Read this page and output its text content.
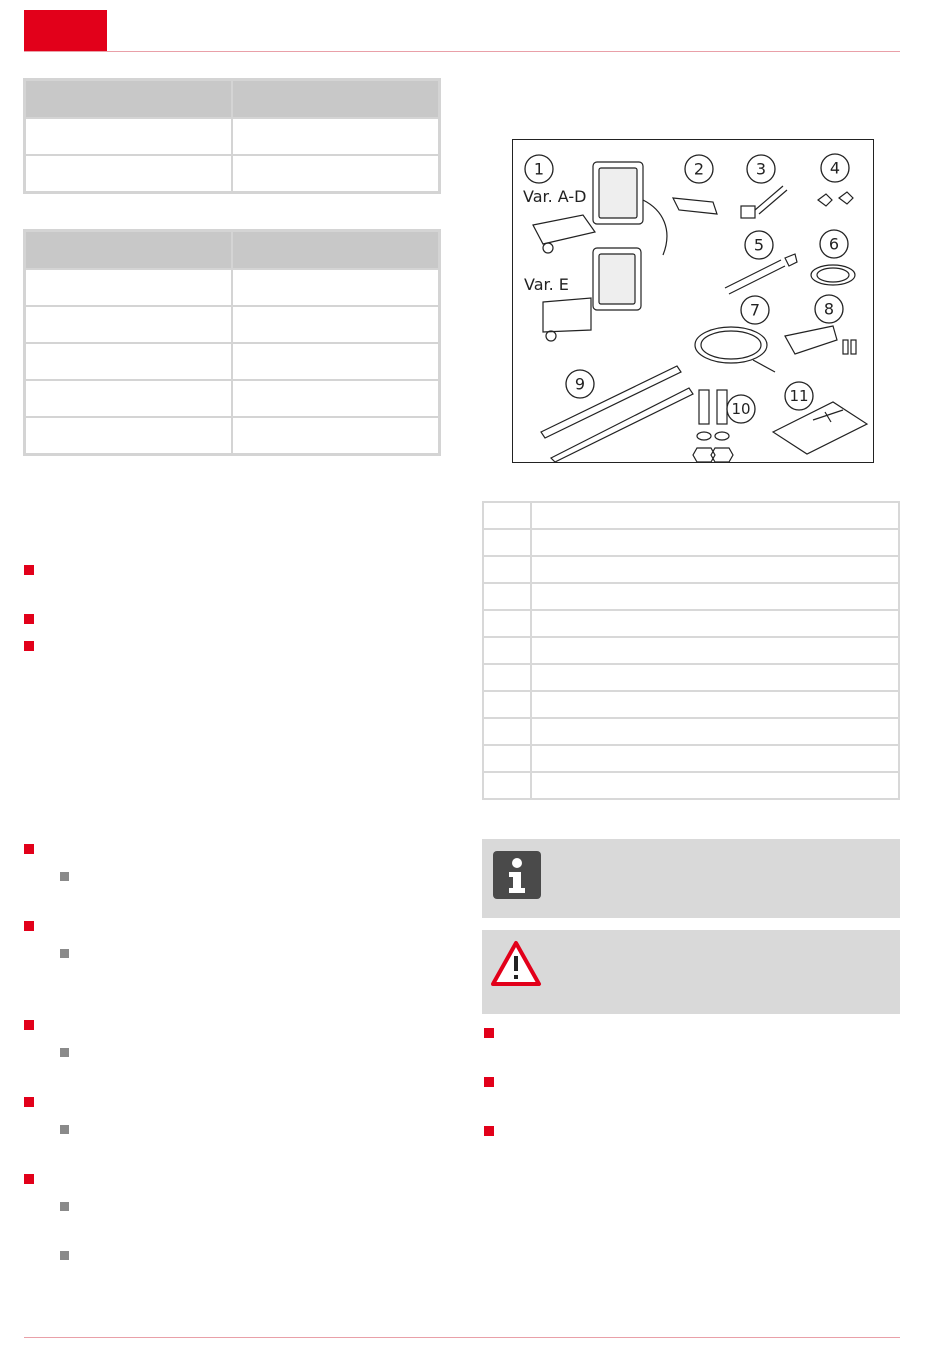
1	2	3	4
5	6
7	8
9
10
11
Var. A-D
Var. E
